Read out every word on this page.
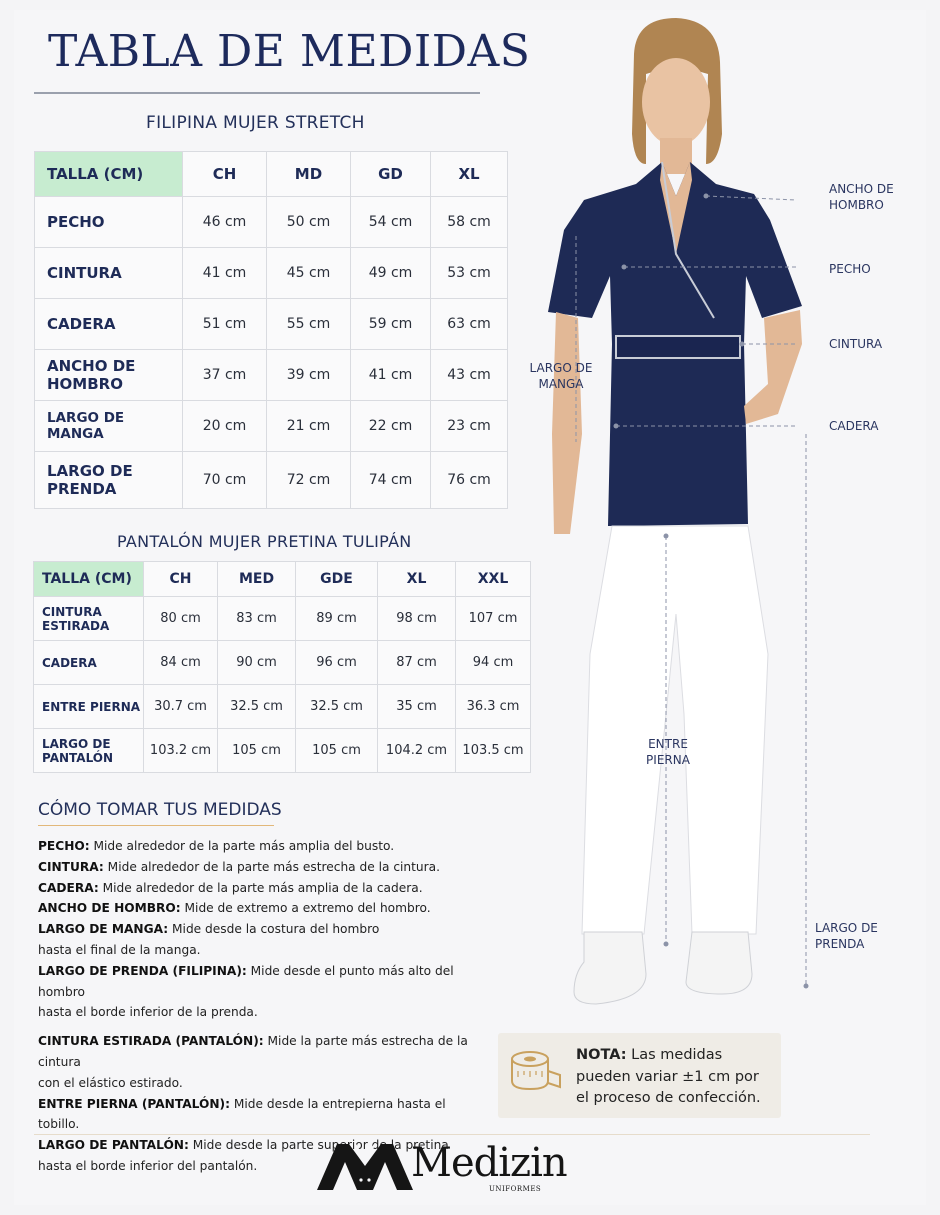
TABLA DE MEDIDAS
FILIPINA MUJER STRETCH
TALLA (CM)	CH	MD	GD	XL
PECHO	46 cm	50 cm	54 cm	58 cm
CINTURA	41 cm	45 cm	49 cm	53 cm
CADERA	51 cm	55 cm	59 cm	63 cm
ANCHO DE HOMBRO	37 cm	39 cm	41 cm	43 cm
LARGO DE MANGA	20 cm	21 cm	22 cm	23 cm
LARGO DE PRENDA	70 cm	72 cm	74 cm	76 cm
PANTALÓN MUJER PRETINA TULIPÁN
TALLA (CM)	CH	MED	GDE	XL	XXL
CINTURA ESTIRADA	80 cm	83 cm	89 cm	98 cm	107 cm
CADERA	84 cm	90 cm	96 cm	87 cm	94 cm
ENTRE PIERNA	30.7 cm	32.5 cm	32.5 cm	35 cm	36.3 cm
LARGO DE PANTALÓN	103.2 cm	105 cm	105 cm	104.2 cm	103.5 cm
CÓMO TOMAR TUS MEDIDAS

PECHO: Mide alrededor de la parte más amplia del busto.

CINTURA: Mide alrededor de la parte más estrecha de la cintura.

CADERA: Mide alrededor de la parte más amplia de la cadera.

ANCHO DE HOMBRO: Mide de extremo a extremo del hombro.

LARGO DE MANGA: Mide desde la costura del hombro

hasta el final de la manga.

LARGO DE PRENDA (FILIPINA): Mide desde el punto más alto del hombro

hasta el borde inferior de la prenda.

CINTURA ESTIRADA (PANTALÓN): Mide la parte más estrecha de la cintura

con el elástico estirado.

ENTRE PIERNA (PANTALÓN): Mide desde la entrepierna hasta el tobillo.

LARGO DE PANTALÓN: Mide desde la parte superior de la pretina

hasta el borde inferior del pantalón.

ANCHO DE HOMBRO
PECHO
CINTURA
CADERA
LARGO DE MANGA
ENTRE PIERNA
LARGO DE PRENDA
NOTA: Las medidas pueden variar ±1 cm por el proceso de confección.
Medizin
UNIFORMES
